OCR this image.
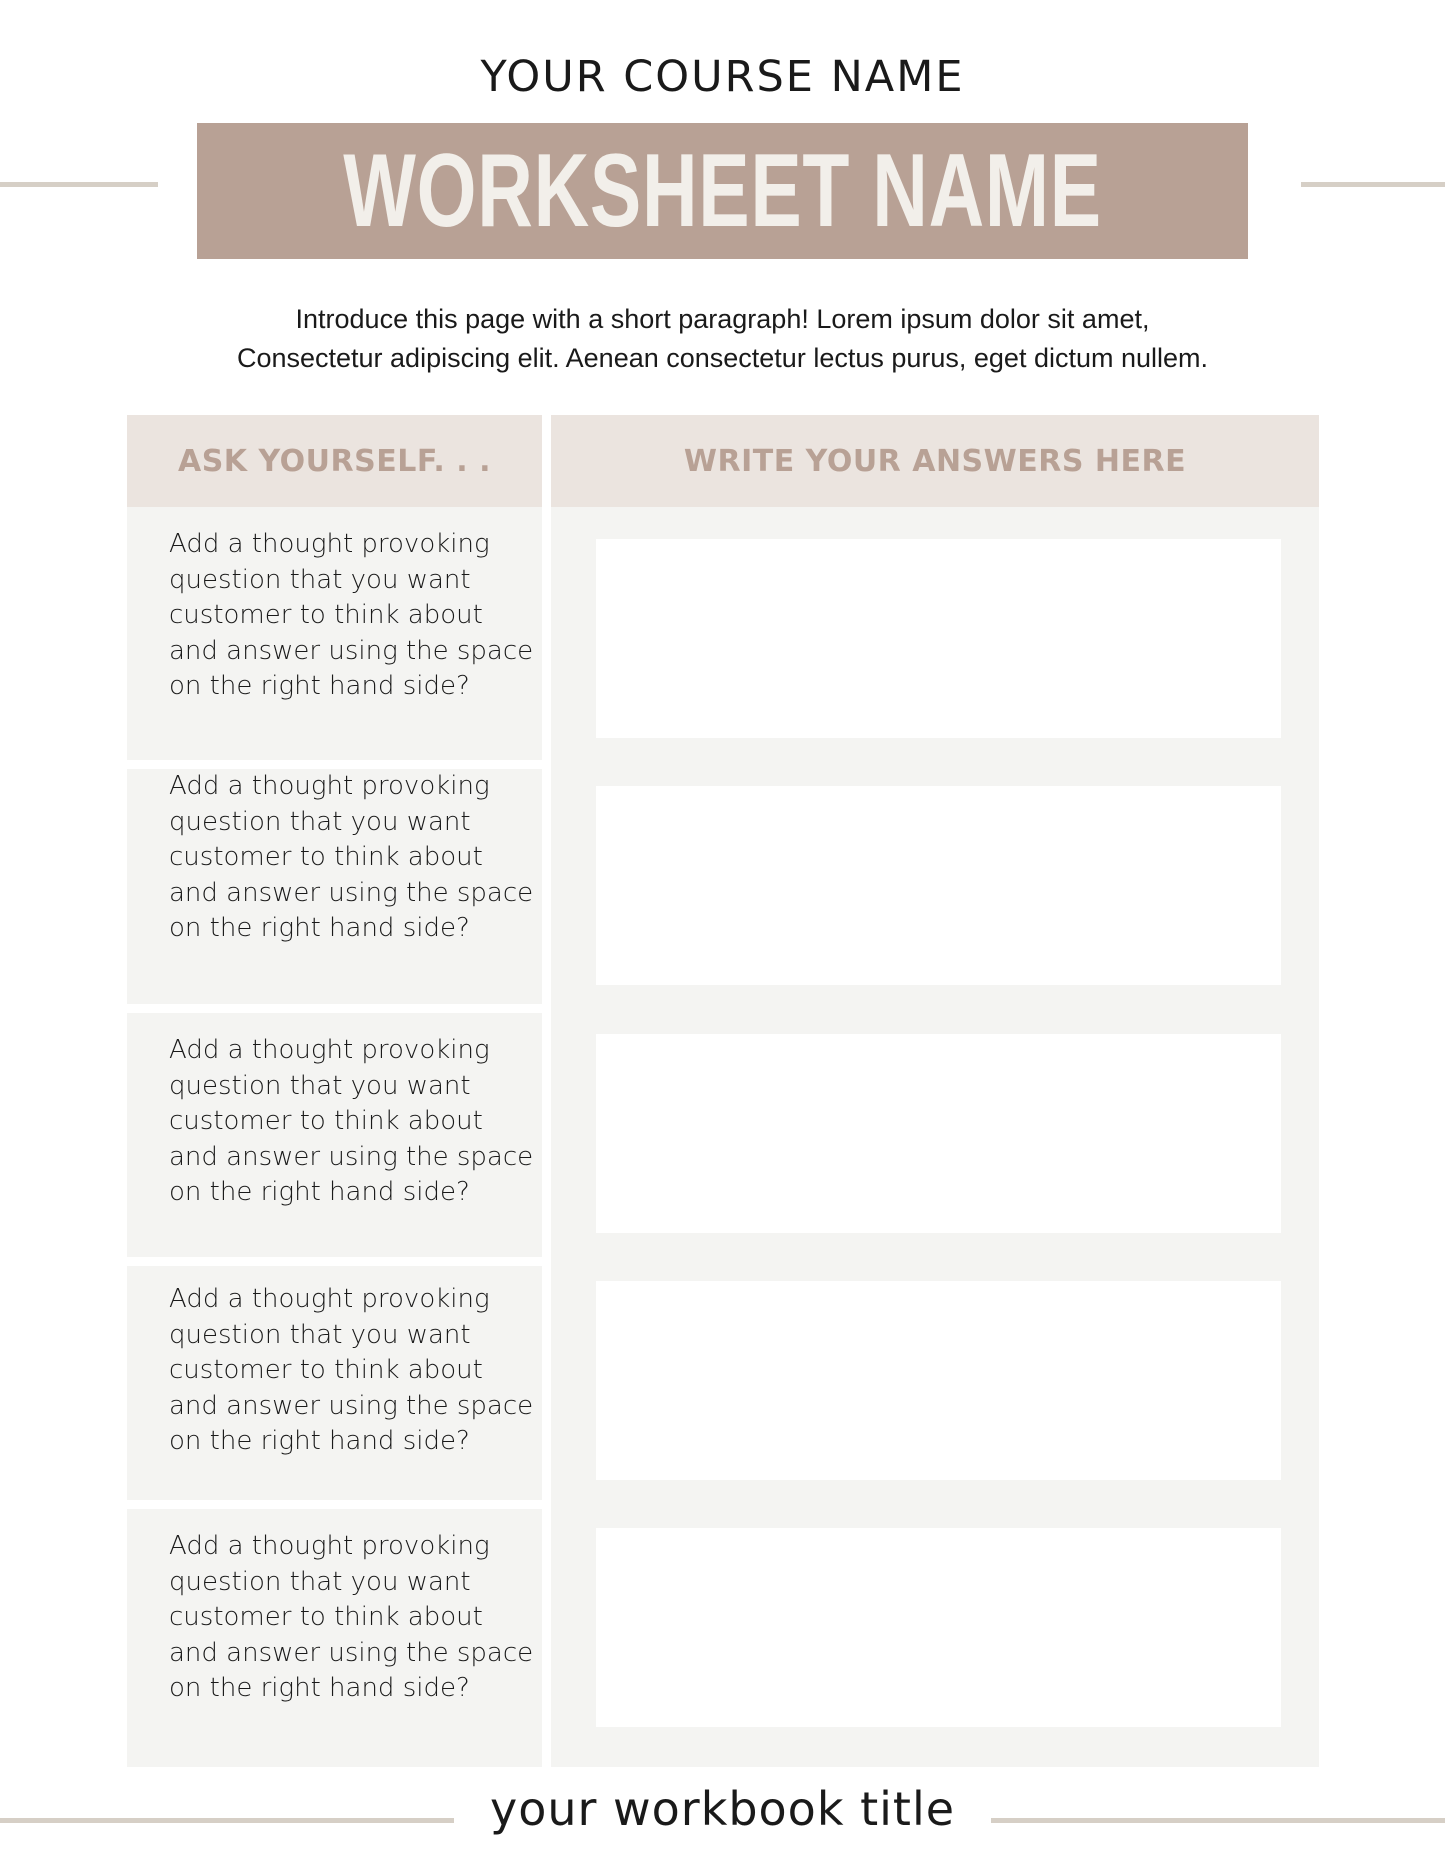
YOUR COURSE NAME
WORKSHEET NAME
Introduce this page with a short paragraph! Lorem ipsum dolor sit amet,
Consectetur adipiscing elit. Aenean consectetur lectus purus, eget dictum nullem.
ASK YOURSELF. . .	WRITE YOUR ANSWERS HERE
Add a thought provoking question that you want customer to think about and answer using the space on the right hand side?
Add a thought provoking question that you want customer to think about and answer using the space on the right hand side?
Add a thought provoking question that you want customer to think about and answer using the space on the right hand side?
Add a thought provoking question that you want customer to think about and answer using the space on the right hand side?
Add a thought provoking question that you want customer to think about and answer using the space on the right hand side?
your workbook title
